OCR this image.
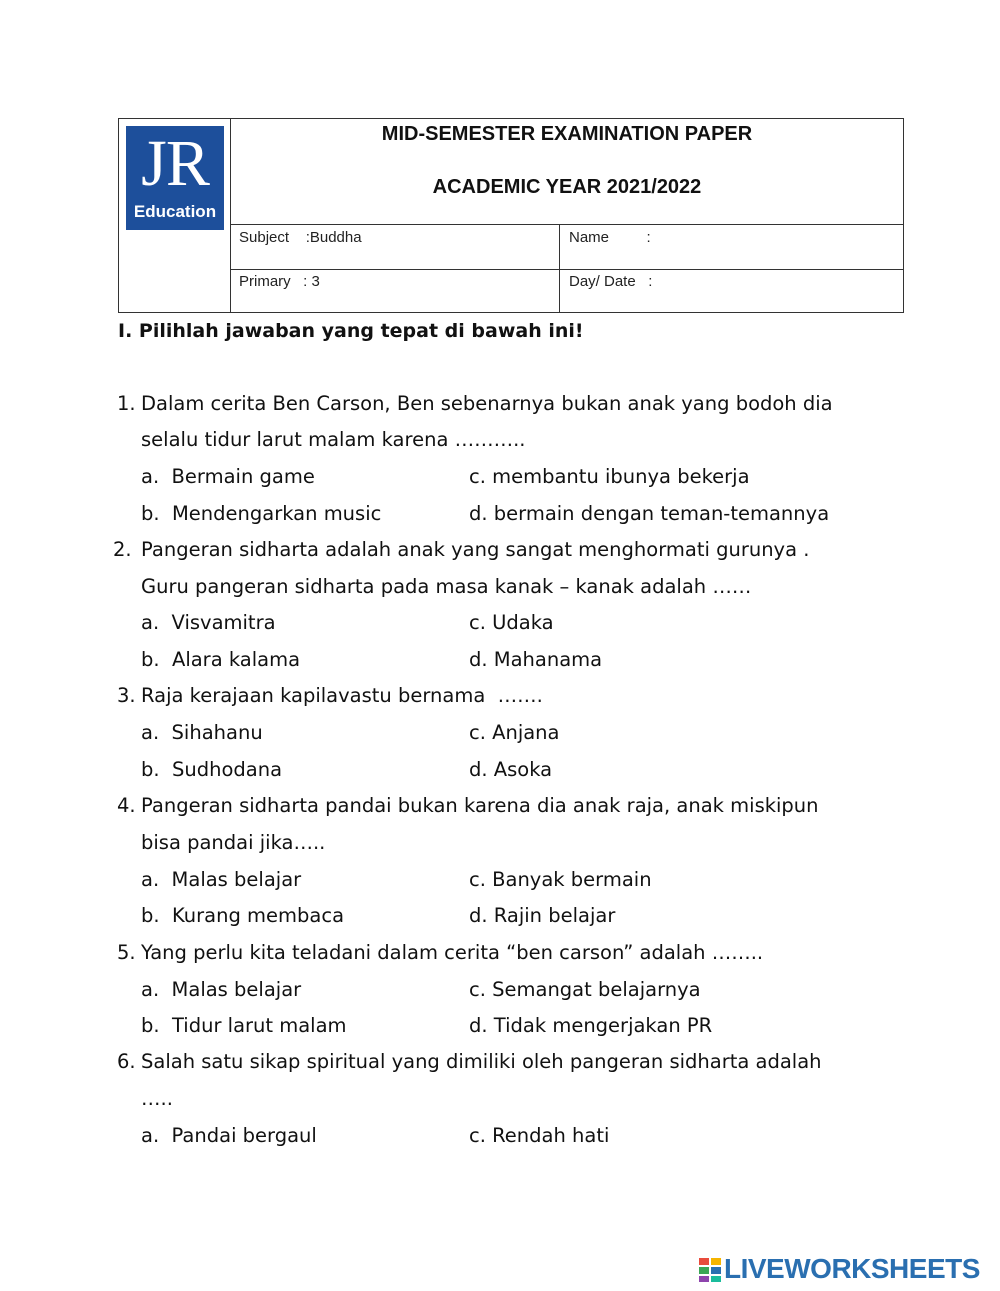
JR
Education
MID-SEMESTER EXAMINATION PAPER
ACADEMIC YEAR 2021/2022
Subject    :Buddha	Name         :
Primary   : 3	Day/ Date   :
I. Pilihlah jawaban yang tepat di bawah ini!
1. Dalam cerita Ben Carson, Ben sebenarnya bukan anak yang bodoh dia
selalu tidur larut malam karena ………..
a.  Bermain game	c. membantu ibunya bekerja
b.  Mendengarkan music	d. bermain dengan teman-temannya
2. Pangeran sidharta adalah anak yang sangat menghormati gurunya .
Guru pangeran sidharta pada masa kanak – kanak adalah ……
a.  Visvamitra	c. Udaka
b.  Alara kalama	d. Mahanama
3. Raja kerajaan kapilavastu bernama  …….
a.  Sihahanu	c. Anjana
b.  Sudhodana	d. Asoka
4. Pangeran sidharta pandai bukan karena dia anak raja, anak miskipun
bisa pandai jika…..
a.  Malas belajar	c. Banyak bermain
b.  Kurang membaca	d. Rajin belajar
5. Yang perlu kita teladani dalam cerita “ben carson” adalah ……..
a.  Malas belajar	c. Semangat belajarnya
b.  Tidur larut malam	d. Tidak mengerjakan PR
6. Salah satu sikap spiritual yang dimiliki oleh pangeran sidharta adalah
…..
a.  Pandai bergaul	c. Rendah hati
LIVEWORKSHEETS
